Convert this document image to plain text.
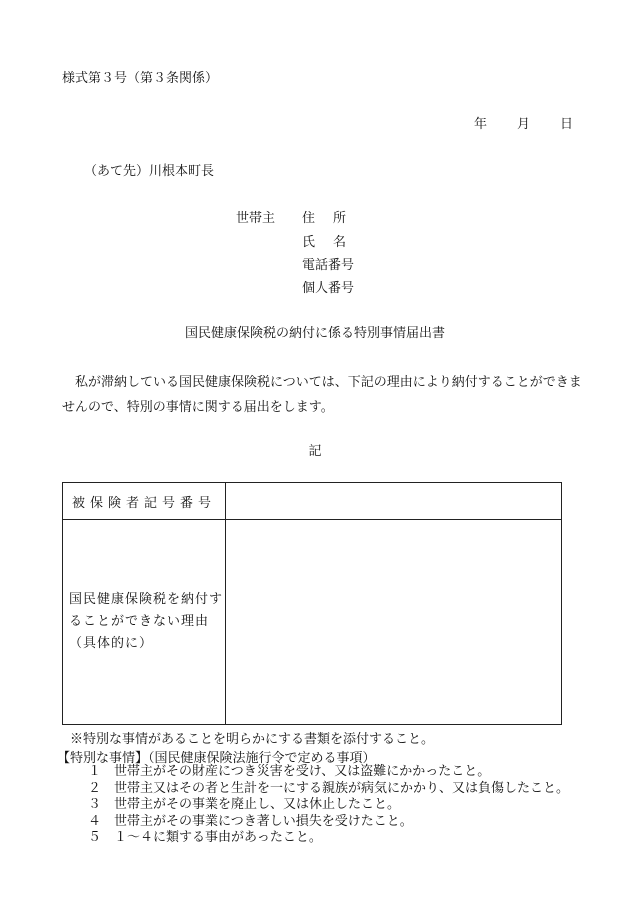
様式第３号（第３条関係）
年 月 日
（あて先）川根本町長
世帯主 住所
氏名
電話番号
個人番号
国民健康保険税の納付に係る特別事情届出書
私が滞納している国民健康保険税については、下記の理由により納付することができませんので、特別の事情に関する届出をします。
記
被保険者記号番号	
国民健康保険税を納付することができない理由（具体的に）	
※特別な事情があることを明らかにする書類を添付すること。
【特別な事情】（国民健康保険法施行令で定める事項）
１ 世帯主がその財産につき災害を受け、又は盗難にかかったこと。
２ 世帯主又はその者と生計を一にする親族が病気にかかり、又は負傷したこと。
３ 世帯主がその事業を廃止し、又は休止したこと。
４ 世帯主がその事業につき著しい損失を受けたこと。
５ １～４に類する事由があったこと。
